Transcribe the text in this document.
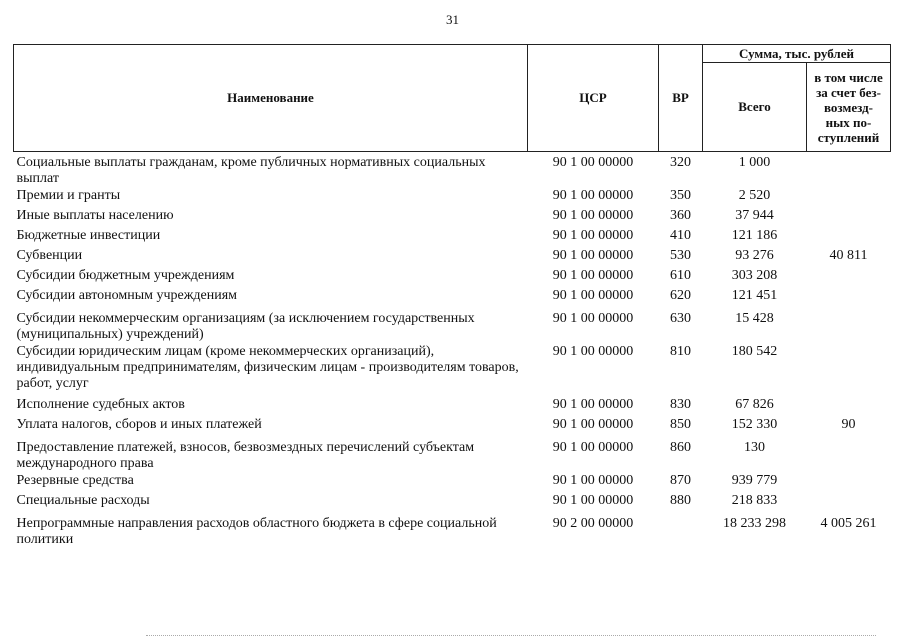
31
Наименование	ЦСР	ВР	Сумма, тыс. рублей	
			Всего	в том числе
за счет без-
возмезд-
ных по-
ступлений

Социальные выплаты гражданам, кроме публичных нормативных социальных выплат	90 1 00 00000	320	1 000	
Премии и гранты	90 1 00 00000	350	2 520	
Иные выплаты населению	90 1 00 00000	360	37 944	
Бюджетные инвестиции	90 1 00 00000	410	121 186	
Субвенции	90 1 00 00000	530	93 276	40 811
Субсидии бюджетным учреждениям	90 1 00 00000	610	303 208	
Субсидии автономным учреждениям	90 1 00 00000	620	121 451	
Субсидии некоммерческим организациям (за исключением государственных (муниципальных) учреждений)	90 1 00 00000	630	15 428	
Субсидии юридическим лицам (кроме некоммерческих организаций), индивидуальным предпринимателям, физическим лицам - производителям товаров, работ, услуг	90 1 00 00000	810	180 542	
Исполнение судебных актов	90 1 00 00000	830	67 826	
Уплата налогов, сборов и иных платежей	90 1 00 00000	850	152 330	90
Предоставление платежей, взносов, безвозмездных перечислений субъектам международного права	90 1 00 00000	860	130	
Резервные средства	90 1 00 00000	870	939 779	
Специальные расходы	90 1 00 00000	880	218 833	
Непрограммные направления расходов областного бюджета в сфере социальной политики	90 2 00 00000		18 233 298	4 005 261
